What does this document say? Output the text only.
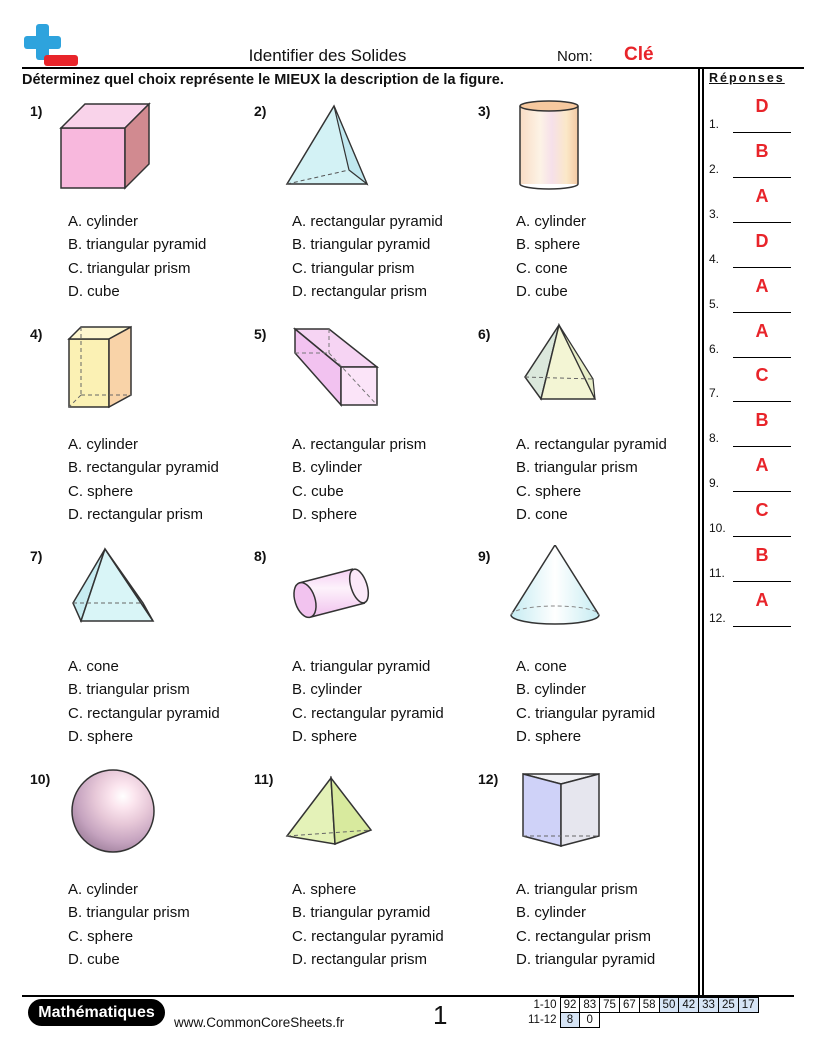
Identifier des Solides	Nom: Clé
Déterminez quel choix représente le MIEUX la description de la figure.	Réponses
1.
D
2.
B
3.
A
4.
D
5.
A
6.
A
7.
C
8.
B
9.
A
10.
C
11.
B
12.
A
1)
A. cylinder
B. triangular pyramid
C. triangular prism
D. cube
2)
A. rectangular pyramid
B. triangular pyramid
C. triangular prism
D. rectangular prism
3)
A. cylinder
B. sphere
C. cone
D. cube
4)
A. cylinder
B. rectangular pyramid
C. sphere
D. rectangular prism
5)
A. rectangular prism
B. cylinder
C. cube
D. sphere
6)
A. rectangular pyramid
B. triangular prism
C. sphere
D. cone
7)
A. cone
B. triangular prism
C. rectangular pyramid
D. sphere
8)
A. triangular pyramid
B. cylinder
C. rectangular pyramid
D. sphere
9)
A. cone
B. cylinder
C. triangular pyramid
D. sphere
10)
A. cylinder
B. triangular prism
C. sphere
D. cube
11)
A. sphere
B. triangular pyramid
C. rectangular pyramid
D. rectangular prism
12)
A. triangular prism
B. cylinder
C. rectangular prism
D. triangular pyramid
Mathématiques
www.CommonCoreSheets.fr	1	1-10	92	83	75	67	58	50	42	33	25	17
11-12	8	0								
